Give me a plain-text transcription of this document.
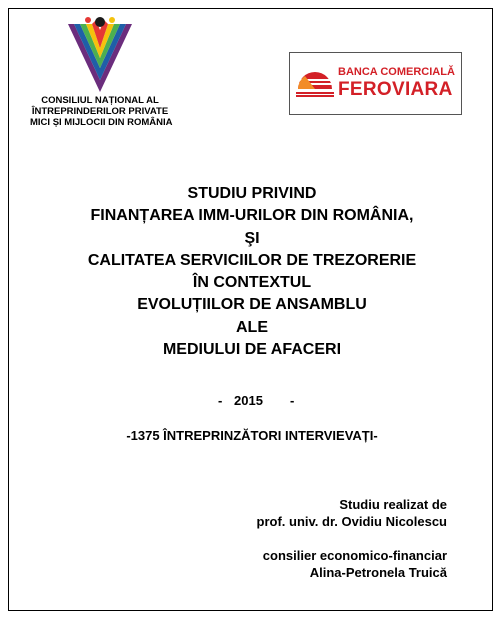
CONSILIUL NAȚIONAL AL
ÎNTREPRINDERILOR PRIVATE
MICI ȘI MIJLOCII DIN ROMÂNIA
BANCA COMERCIALĂ
FEROVIARA
STUDIU PRIVIND
FINANȚAREA IMM-URILOR DIN ROMÂNIA,
ŞI
CALITATEA SERVICIILOR DE TREZORERIE
ÎN CONTEXTUL
EVOLUȚIILOR DE ANSAMBLU
ALE
MEDIULUI DE AFACERI
- 2015 -
-1375 ÎNTREPRINZĂTORI INTERVIEVAȚI-
Studiu realizat de
prof. univ. dr. Ovidiu Nicolescu
consilier economico-financiar
Alina-Petronela Truică
